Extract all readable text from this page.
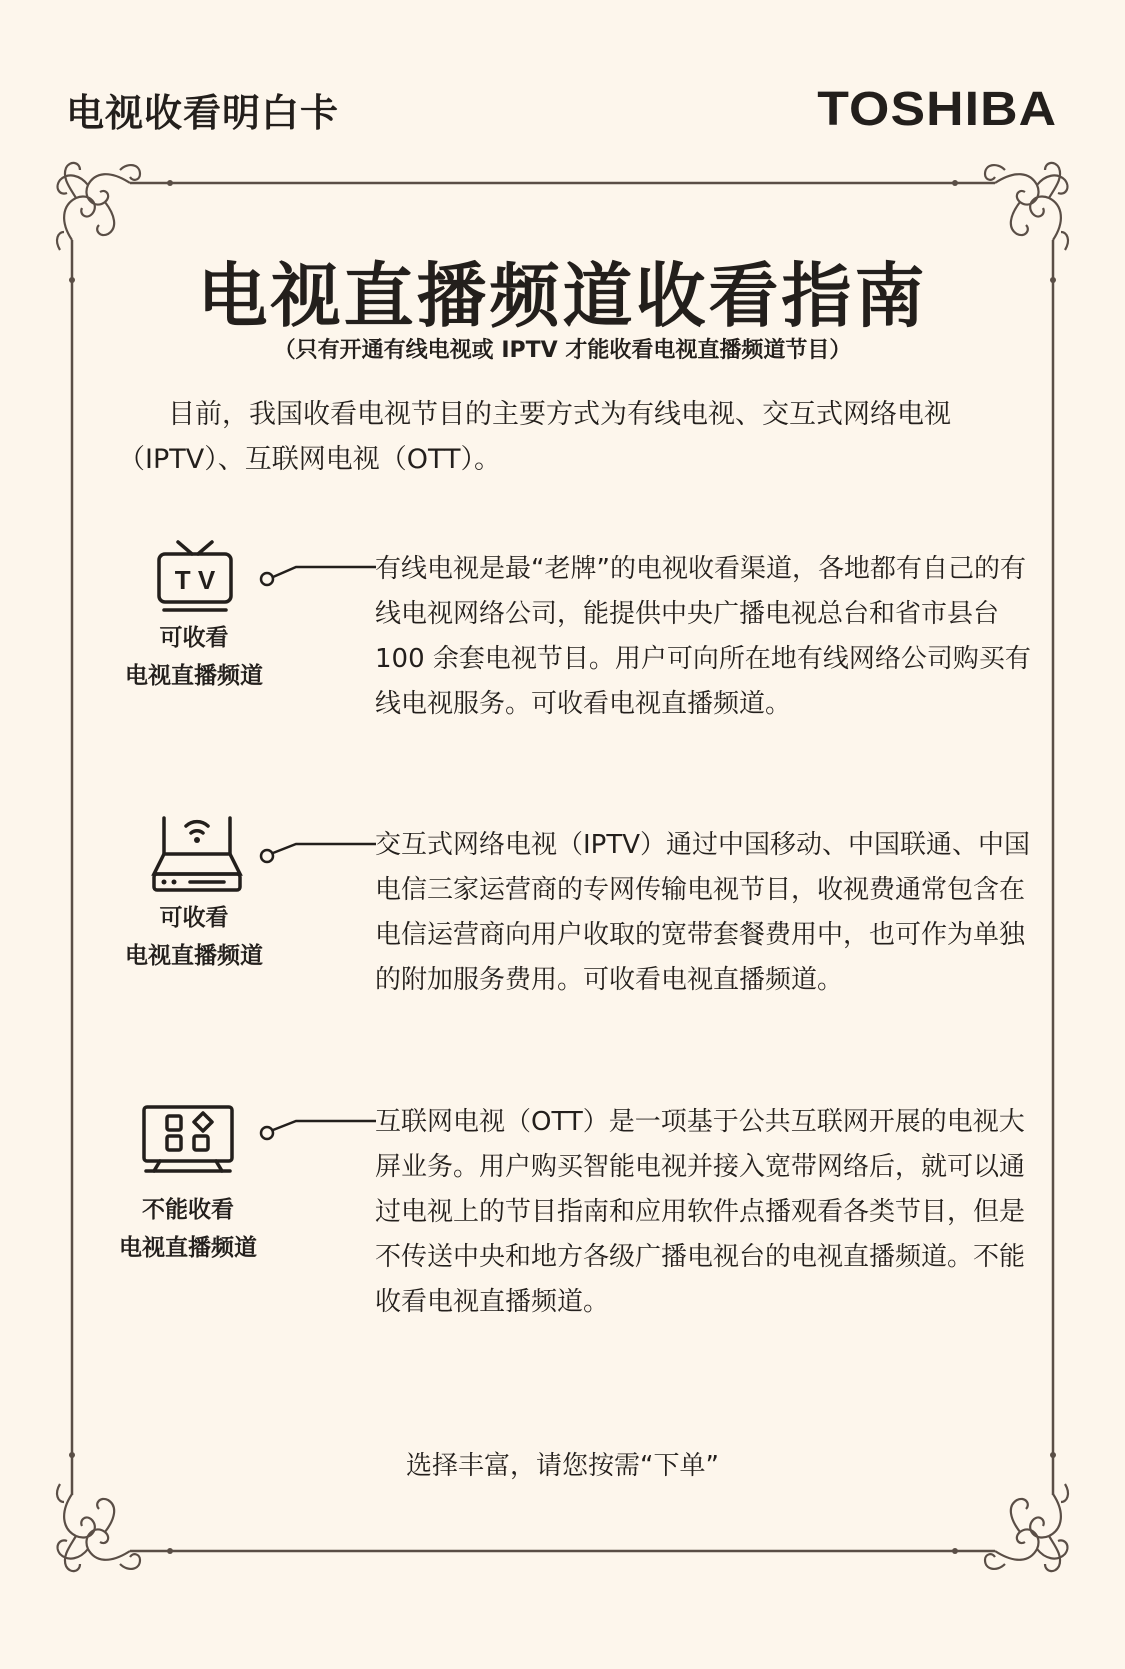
电视收看明白卡	TOSHIBA
电视直播频道收看指南
（只有开通有线电视或 IPTV 才能收看电视直播频道节目）
目前，我国收看电视节目的主要方式为有线电视、交互式网络电视（IPTV）、互联网电视（OTT）。
T V
可收看
电视直播频道
有线电视是最“老牌”的电视收看渠道，各地都有自己的有线电视网络公司，能提供中央广播电视总台和省市县台100 余套电视节目。用户可向所在地有线网络公司购买有线电视服务。可收看电视直播频道。
可收看
电视直播频道
交互式网络电视（IPTV）通过中国移动、中国联通、中国电信三家运营商的专网传输电视节目，收视费通常包含在电信运营商向用户收取的宽带套餐费用中，也可作为单独的附加服务费用。可收看电视直播频道。
不能收看
电视直播频道
互联网电视（OTT）是一项基于公共互联网开展的电视大屏业务。用户购买智能电视并接入宽带网络后，就可以通过电视上的节目指南和应用软件点播观看各类节目，但是不传送中央和地方各级广播电视台的电视直播频道。不能收看电视直播频道。
选择丰富，请您按需“下单”
